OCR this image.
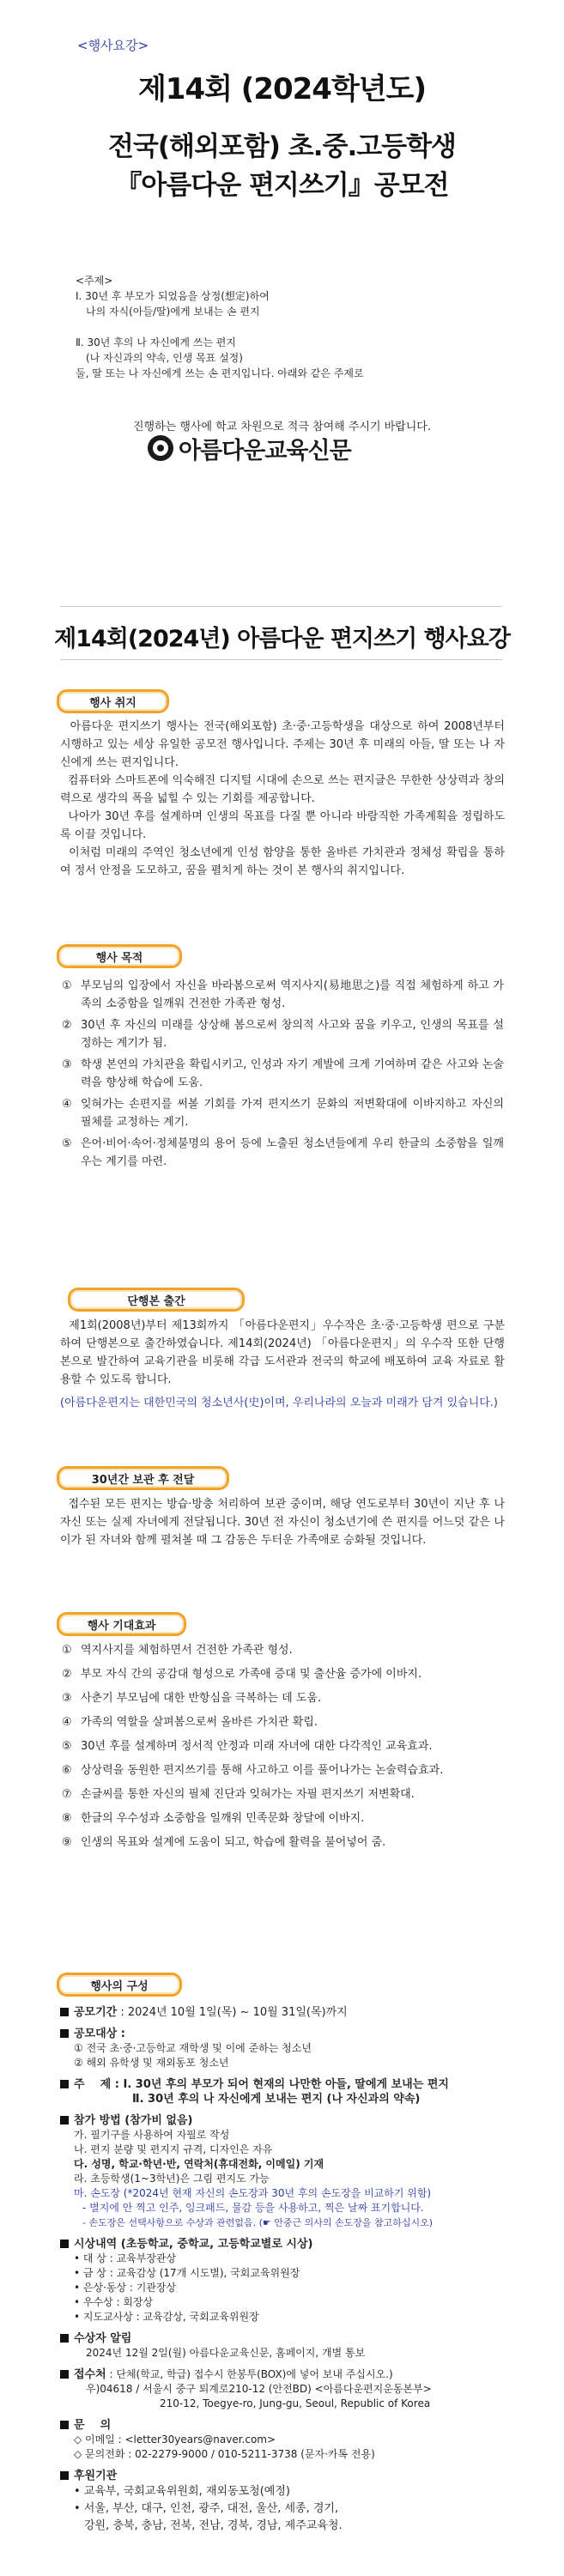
<행사요강>
제14회 (2024학년도)
전국(해외포함) 초.중.고등학생
『아름다운 편지쓰기』공모전
<주제>
Ⅰ. 30년 후 부모가 되었음을 상정(想定)하여
나의 자식(아들/딸)에게 보내는 손 편지
Ⅱ. 30년 후의 나 자신에게 쓰는 편지
(나 자신과의 약속, 인생 목표 설정)
둘, 딸 또는 나 자신에게 쓰는 손 편지입니다. 아래와 같은 주제로
진행하는 행사에 학교 차원으로 적극 참여해 주시기 바랍니다.
아름다운교육신문
제14회(2024년) 아름다운 편지쓰기 행사요강
행사 취지
아름다운 편지쓰기 행사는 전국(해외포함) 초·중·고등학생을 대상으로 하여 2008년부터 시행하고 있는 세상 유일한 공모전 행사입니다. 주제는 30년 후 미래의 아들, 딸 또는 나 자신에게 쓰는 편지입니다.
컴퓨터와 스마트폰에 익숙해진 디지털 시대에 손으로 쓰는 편지글은 무한한 상상력과 창의력으로 생각의 폭을 넓힐 수 있는 기회를 제공합니다.
나아가 30년 후를 설계하며 인생의 목표를 다질 뿐 아니라 바람직한 가족계획을 정립하도록 이끌 것입니다.
이처럼 미래의 주역인 청소년에게 인성 함양을 통한 올바른 가치관과 정체성 확립을 통하여 정서 안정을 도모하고, 꿈을 펼치게 하는 것이 본 행사의 취지입니다.
행사 목적
① 부모님의 입장에서 자신을 바라봄으로써 역지사지(易地思之)를 직접 체험하게 하고 가족의 소중함을 일깨워 건전한 가족관 형성.
② 30년 후 자신의 미래를 상상해 봄으로써 창의적 사고와 꿈을 키우고, 인생의 목표를 설정하는 계기가 됨.
③ 학생 본연의 가치관을 확립시키고, 인성과 자기 계발에 크게 기여하며 같은 사고와 논술력을 향상해 학습에 도움.
④ 잊혀가는 손편지를 써볼 기회를 가져 편지쓰기 문화의 저변확대에 이바지하고 자신의 필체를 교정하는 계기.
⑤ 은어·비어·속어·정체불명의 용어 등에 노출된 청소년들에게 우리 한글의 소중함을 일깨우는 계기를 마련.
단행본 출간
제1회(2008년)부터 제13회까지 「아름다운편지」우수작은 초·중·고등학생 편으로 구분하여 단행본으로 출간하였습니다. 제14회(2024년) 「아름다운편지」의 우수작 또한 단행본으로 발간하여 교육기관을 비롯해 각급 도서관과 전국의 학교에 배포하여 교육 자료로 활용할 수 있도록 합니다.
(아름다운편지는 대한민국의 청소년사(史)이며, 우리나라의 오늘과 미래가 담겨 있습니다.)
30년간 보관 후 전달
접수된 모든 편지는 방습·방충 처리하여 보관 중이며, 해당 연도로부터 30년이 지난 후 나 자신 또는 실제 자녀에게 전달됩니다. 30년 전 자신이 청소년기에 쓴 편지를 어느덧 같은 나이가 된 자녀와 함께 펼쳐볼 때 그 감동은 두터운 가족애로 승화될 것입니다.
행사 기대효과
① 역지사지를 체험하면서 건전한 가족관 형성.
② 부모 자식 간의 공감대 형성으로 가족애 증대 및 출산율 증가에 이바지.
③ 사춘기 부모님에 대한 반항심을 극복하는 데 도움.
④ 가족의 역할을 살펴봄으로써 올바른 가치관 확립.
⑤ 30년 후를 설계하며 정서적 안정과 미래 자녀에 대한 다각적인 교육효과.
⑥ 상상력을 동원한 편지쓰기를 통해 사고하고 이를 풀어나가는 논술력습효과.
⑦ 손글씨를 통한 자신의 필체 진단과 잊혀가는 자필 편지쓰기 저변확대.
⑧ 한글의 우수성과 소중함을 일깨워 민족문화 창달에 이바지.
⑨ 인생의 목표와 설계에 도움이 되고, 학습에 활력을 불어넣어 줌.
행사의 구성
공모기간 : 2024년 10월 1일(목) ~ 10월 31일(목)까지
공모대상 :
① 전국 초·중·고등학교 재학생 및 이에 준하는 청소년
② 해외 유학생 및 재외동포 청소년
주    제 : Ⅰ. 30년 후의 부모가 되어 현재의 나만한 아들, 딸에게 보내는 편지
Ⅱ. 30년 후의 나 자신에게 보내는 편지 (나 자신과의 약속)
참가 방법 (참가비 없음)
가. 필기구를 사용하여 자필로 작성
나. 편지 분량 및 편지지 규격, 디자인은 자유
다. 성명, 학교·학년·반, 연락처(휴대전화, 이메일) 기재
라. 초등학생(1~3학년)은 그림 편지도 가능
마. 손도장 (*2024년 현재 자신의 손도장과 30년 후의 손도장을 비교하기 위함)
- 별지에 안 찍고 인주, 잉크패드, 물감 등을 사용하고, 찍은 날짜 표기합니다.
- 손도장은 선택사항으로 수상과 관련없음. (☛ 안중근 의사의 손도장을 참고하십시오)
시상내역 (초등학교, 중학교, 고등학교별로 시상)
• 대 상 : 교육부장관상
• 금 상 : 교육감상 (17개 시도별), 국회교육위원장
• 은상·동상 : 기관장상
• 우수상 : 회장상
• 지도교사상 : 교육감상, 국회교육위원장
수상자 알림
2024년 12월 2일(월) 아름다운교육신문, 홈페이지, 개별 통보
접수처 : 단체(학교, 학급) 접수시 한봉투(BOX)에 넣어 보내 주십시오.)
우)04618 / 서울시 중구 퇴계로210-12 (안전BD) <아름다운편지운동본부>
210-12, Toegye-ro, Jung-gu, Seoul, Republic of Korea
문    의
◇ 이메일 : <letter30years@naver.com>
◇ 문의전화 : 02-2279-9000 / 010-5211-3738 (문자·카톡 전용)
후원기관
• 교육부, 국회교육위원회, 재외동포청(예정)
• 서울, 부산, 대구, 인천, 광주, 대전, 울산, 세종, 경기,
강원, 충북, 충남, 전북, 전남, 경북, 경남, 제주교육청.
